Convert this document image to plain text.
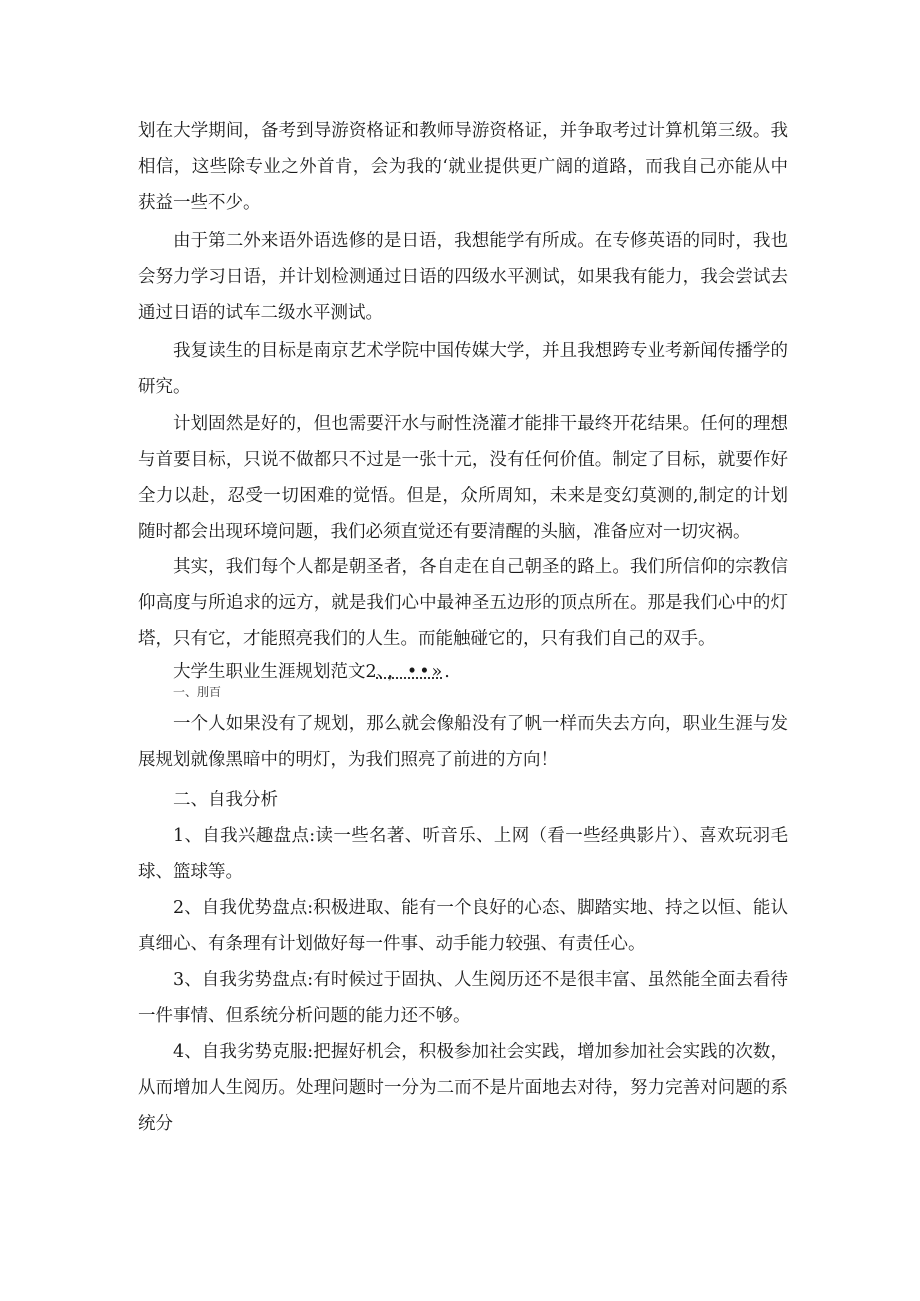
划在大学期间，备考到导游资格证和教师导游资格证，并争取考过计算机第三级。我相信，这些除专业之外首肯，会为我的‘就业提供更广阔的道路，而我自己亦能从中获益一些不少。

由于第二外来语外语选修的是日语，我想能学有所成。在专修英语的同时，我也会努力学习日语，并计划检测通过日语的四级水平测试，如果我有能力，我会尝试去通过日语的试车二级水平测试。

我复读生的目标是南京艺术学院中国传媒大学，并且我想跨专业考新闻传播学的研究。

计划固然是好的，但也需要汗水与耐性浇灌才能排干最终开花结果。任何的理想与首要目标，只说不做都只不过是一张十元，没有任何价值。制定了目标，就要作好全力以赴，忍受一切困难的觉悟。但是，众所周知，未来是变幻莫测的,制定的计划随时都会出现环境问题，我们必须直觉还有要清醒的头脑，准备应对一切灾祸。

其实，我们每个人都是朝圣者，各自走在自己朝圣的路上。我们所信仰的宗教信仰高度与所追求的远方，就是我们心中最神圣五边形的顶点所在。那是我们心中的灯塔，只有它，才能照亮我们的人生。而能触碰它的，只有我们自己的双手。

大学生职业生涯规划范文2、，••».

一、刖百

一个人如果没有了规划，那么就会像船没有了帆一样而失去方向，职业生涯与发展规划就像黑暗中的明灯，为我们照亮了前进的方向！

二、自我分析

1、自我兴趣盘点:读一些名著、听音乐、上网（看一些经典影片）、喜欢玩羽毛球、篮球等。

2、自我优势盘点:积极进取、能有一个良好的心态、脚踏实地、持之以恒、能认真细心、有条理有计划做好每一件事、动手能力较强、有责任心。

3、自我劣势盘点:有时候过于固执、人生阅历还不是很丰富、虽然能全面去看待一件事情、但系统分析问题的能力还不够。

4、自我劣势克服:把握好机会，积极参加社会实践，增加参加社会实践的次数，从而增加人生阅历。处理问题时一分为二而不是片面地去对待，努力完善对问题的系统分
